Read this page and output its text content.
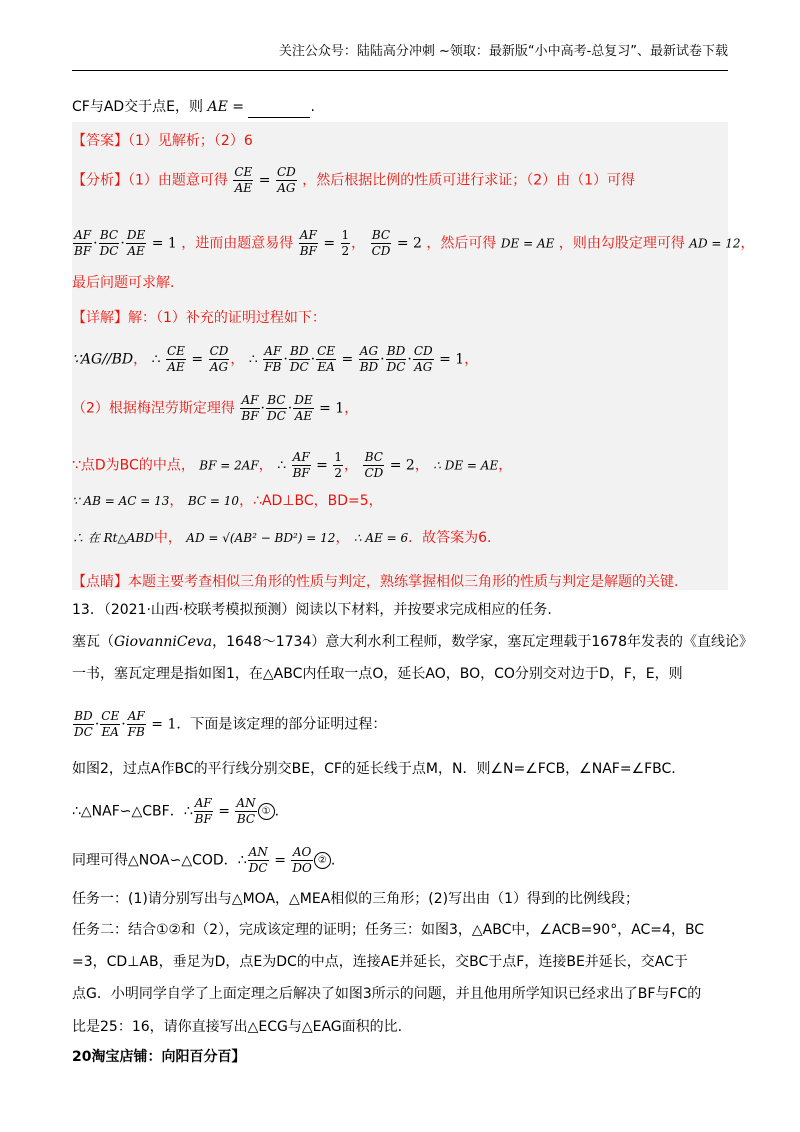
关注公众号：陆陆高分冲刺 ~领取：最新版“小中高考-总复习”、最新试卷下载
CF与AD交于点E，则 AE =	.
【答案】（1）见解析；（2）6
【分析】（1）由题意可得 $\frac{CE}{AE} = \frac{CD}{AG}$ ，然后根据比例的性质可进行求证；（2）由（1）可得
$\frac{AF}{BF} \cdot \frac{BC}{DC} \cdot \frac{DE}{AE} = 1$ ，进而由题意易得 $\frac{AF}{BF} = \frac{1}{2}$ ， $\frac{BC}{CD} = 2$ ，然后可得 DE = AE ，则由勾股定理可得 AD = 12，
最后问题可求解.
【详解】解：（1）补充的证明过程如下：
∵AG//BD， ∴ $\frac{CE}{AE} = \frac{CD}{AG}$ ， ∴ $\frac{AF}{FB} \cdot \frac{BD}{DC} \cdot \frac{CE}{EA} = \frac{AG}{BD} \cdot \frac{BD}{DC} \cdot \frac{CD}{AG} = 1$，
（2）根据梅涅劳斯定理得 $\frac{AF}{BF} \cdot \frac{BC}{DC} \cdot \frac{DE}{AE} = 1$，
∵点D为BC的中点， BF = 2AF， ∴ $\frac{AF}{BF} = \frac{1}{2}$ ， $\frac{BC}{CD} = 2$， ∴ DE = AE，
∵ AB = AC = 13， BC = 10，∴AD⊥BC，BD=5，
∴ 在 Rt△ABD中， AD = √(AB² − BD²) = 12， ∴ AE = 6．故答案为6.
【点睛】本题主要考查相似三角形的性质与判定，熟练掌握相似三角形的性质与判定是解题的关键.
13．（2021·山西·校联考模拟预测）阅读以下材料，并按要求完成相应的任务.
塞瓦（GiovanniCeva，1648～1734）意大利水利工程师，数学家，塞瓦定理载于1678年发表的《直线论》
一书，塞瓦定理是指如图1，在△ABC内任取一点O，延长AO，BO，CO分别交对边于D，F，E，则
$\frac{BD}{DC} \cdot \frac{CE}{EA} \cdot \frac{AF}{FB} = 1$．下面是该定理的部分证明过程：
如图2，过点A作BC的平行线分别交BE，CF的延长线于点M，N．则∠N=∠FCB，∠NAF=∠FBC.
∴△NAF∽△CBF．∴ $\frac{AF}{BF} = \frac{AN}{BC}$ ① .
同理可得△NOA∽△COD．∴ $\frac{AN}{DC} = \frac{AO}{DO}$ ② .
任务一：(1)请分别写出与△MOA，△MEA相似的三角形；(2)写出由（1）得到的比例线段；
任务二：结合①②和（2），完成该定理的证明；任务三：如图3，△ABC中，∠ACB=90°，AC=4，BC
=3，CD⊥AB，垂足为D，点E为DC的中点，连接AE并延长，交BC于点F，连接BE并延长，交AC于
点G．小明同学自学了上面定理之后解决了如图3所示的问题，并且他用所学知识已经求出了BF与FC的
比是25：16，请你直接写出△ECG与△EAG面积的比.
20淘宝店铺：向阳百分百】
